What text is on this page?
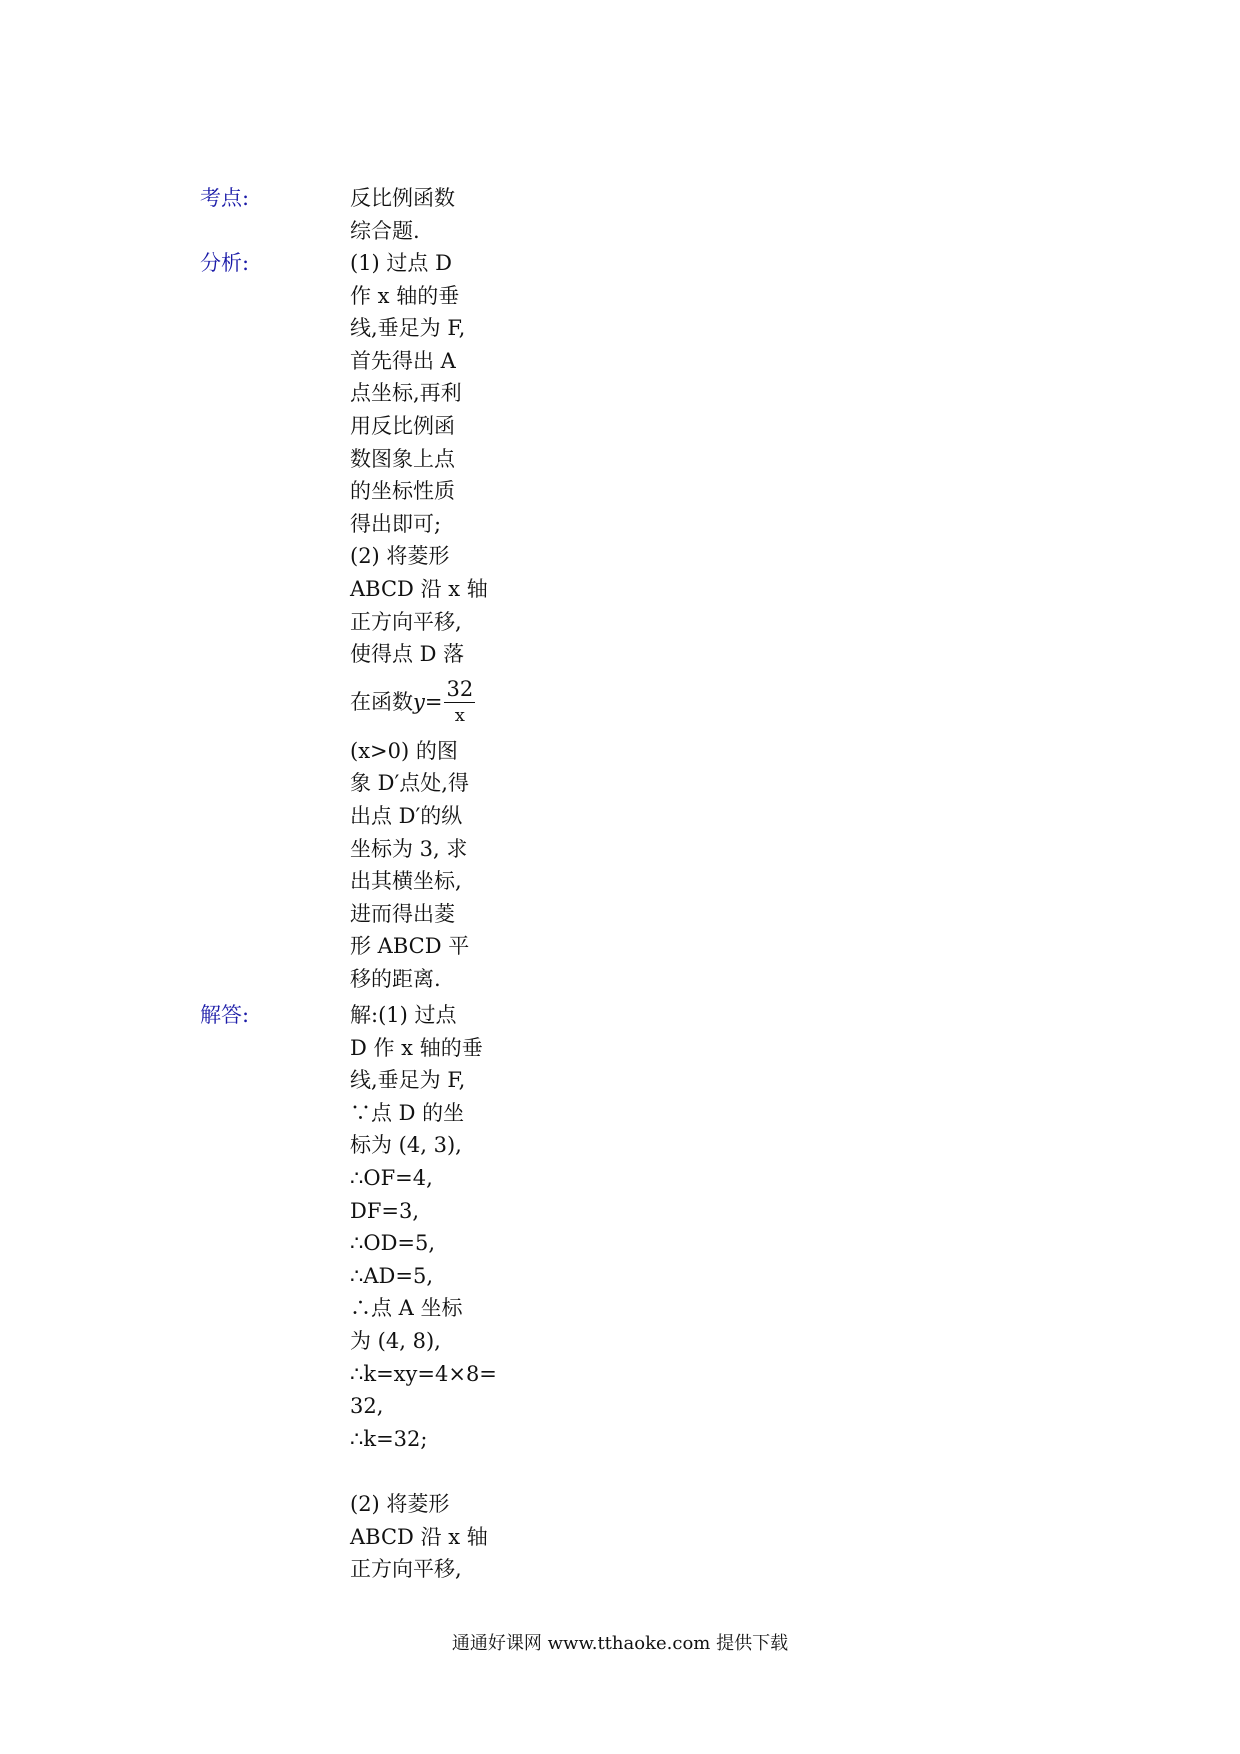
考点:	反比例函数
综合题.
分析:	(1) 过点 D
作 x 轴的垂
线,垂足为 F,
首先得出 A
点坐标,再利
用反比例函
数图象上点
的坐标性质
得出即可;
(2) 将菱形
ABCD 沿 x 轴
正方向平移,
使得点 D 落
在函数 $y= \frac{32}{x}$
(x>0) 的图
象 D′点处,得
出点 D′的纵
坐标为 3, 求
出其横坐标,
进而得出菱
形 ABCD 平
移的距离.
解答:	解:(1) 过点
D 作 x 轴的垂
线,垂足为 F,
∵点 D 的坐
标为 (4, 3),
∴OF=4,
DF=3,
∴OD=5,
∴AD=5,
∴点 A 坐标
为 (4, 8),
∴k=xy=4×8=
32,
∴k=32;
(2) 将菱形
ABCD 沿 x 轴
正方向平移,
通通好课网 www.tthaoke.com 提供下载
